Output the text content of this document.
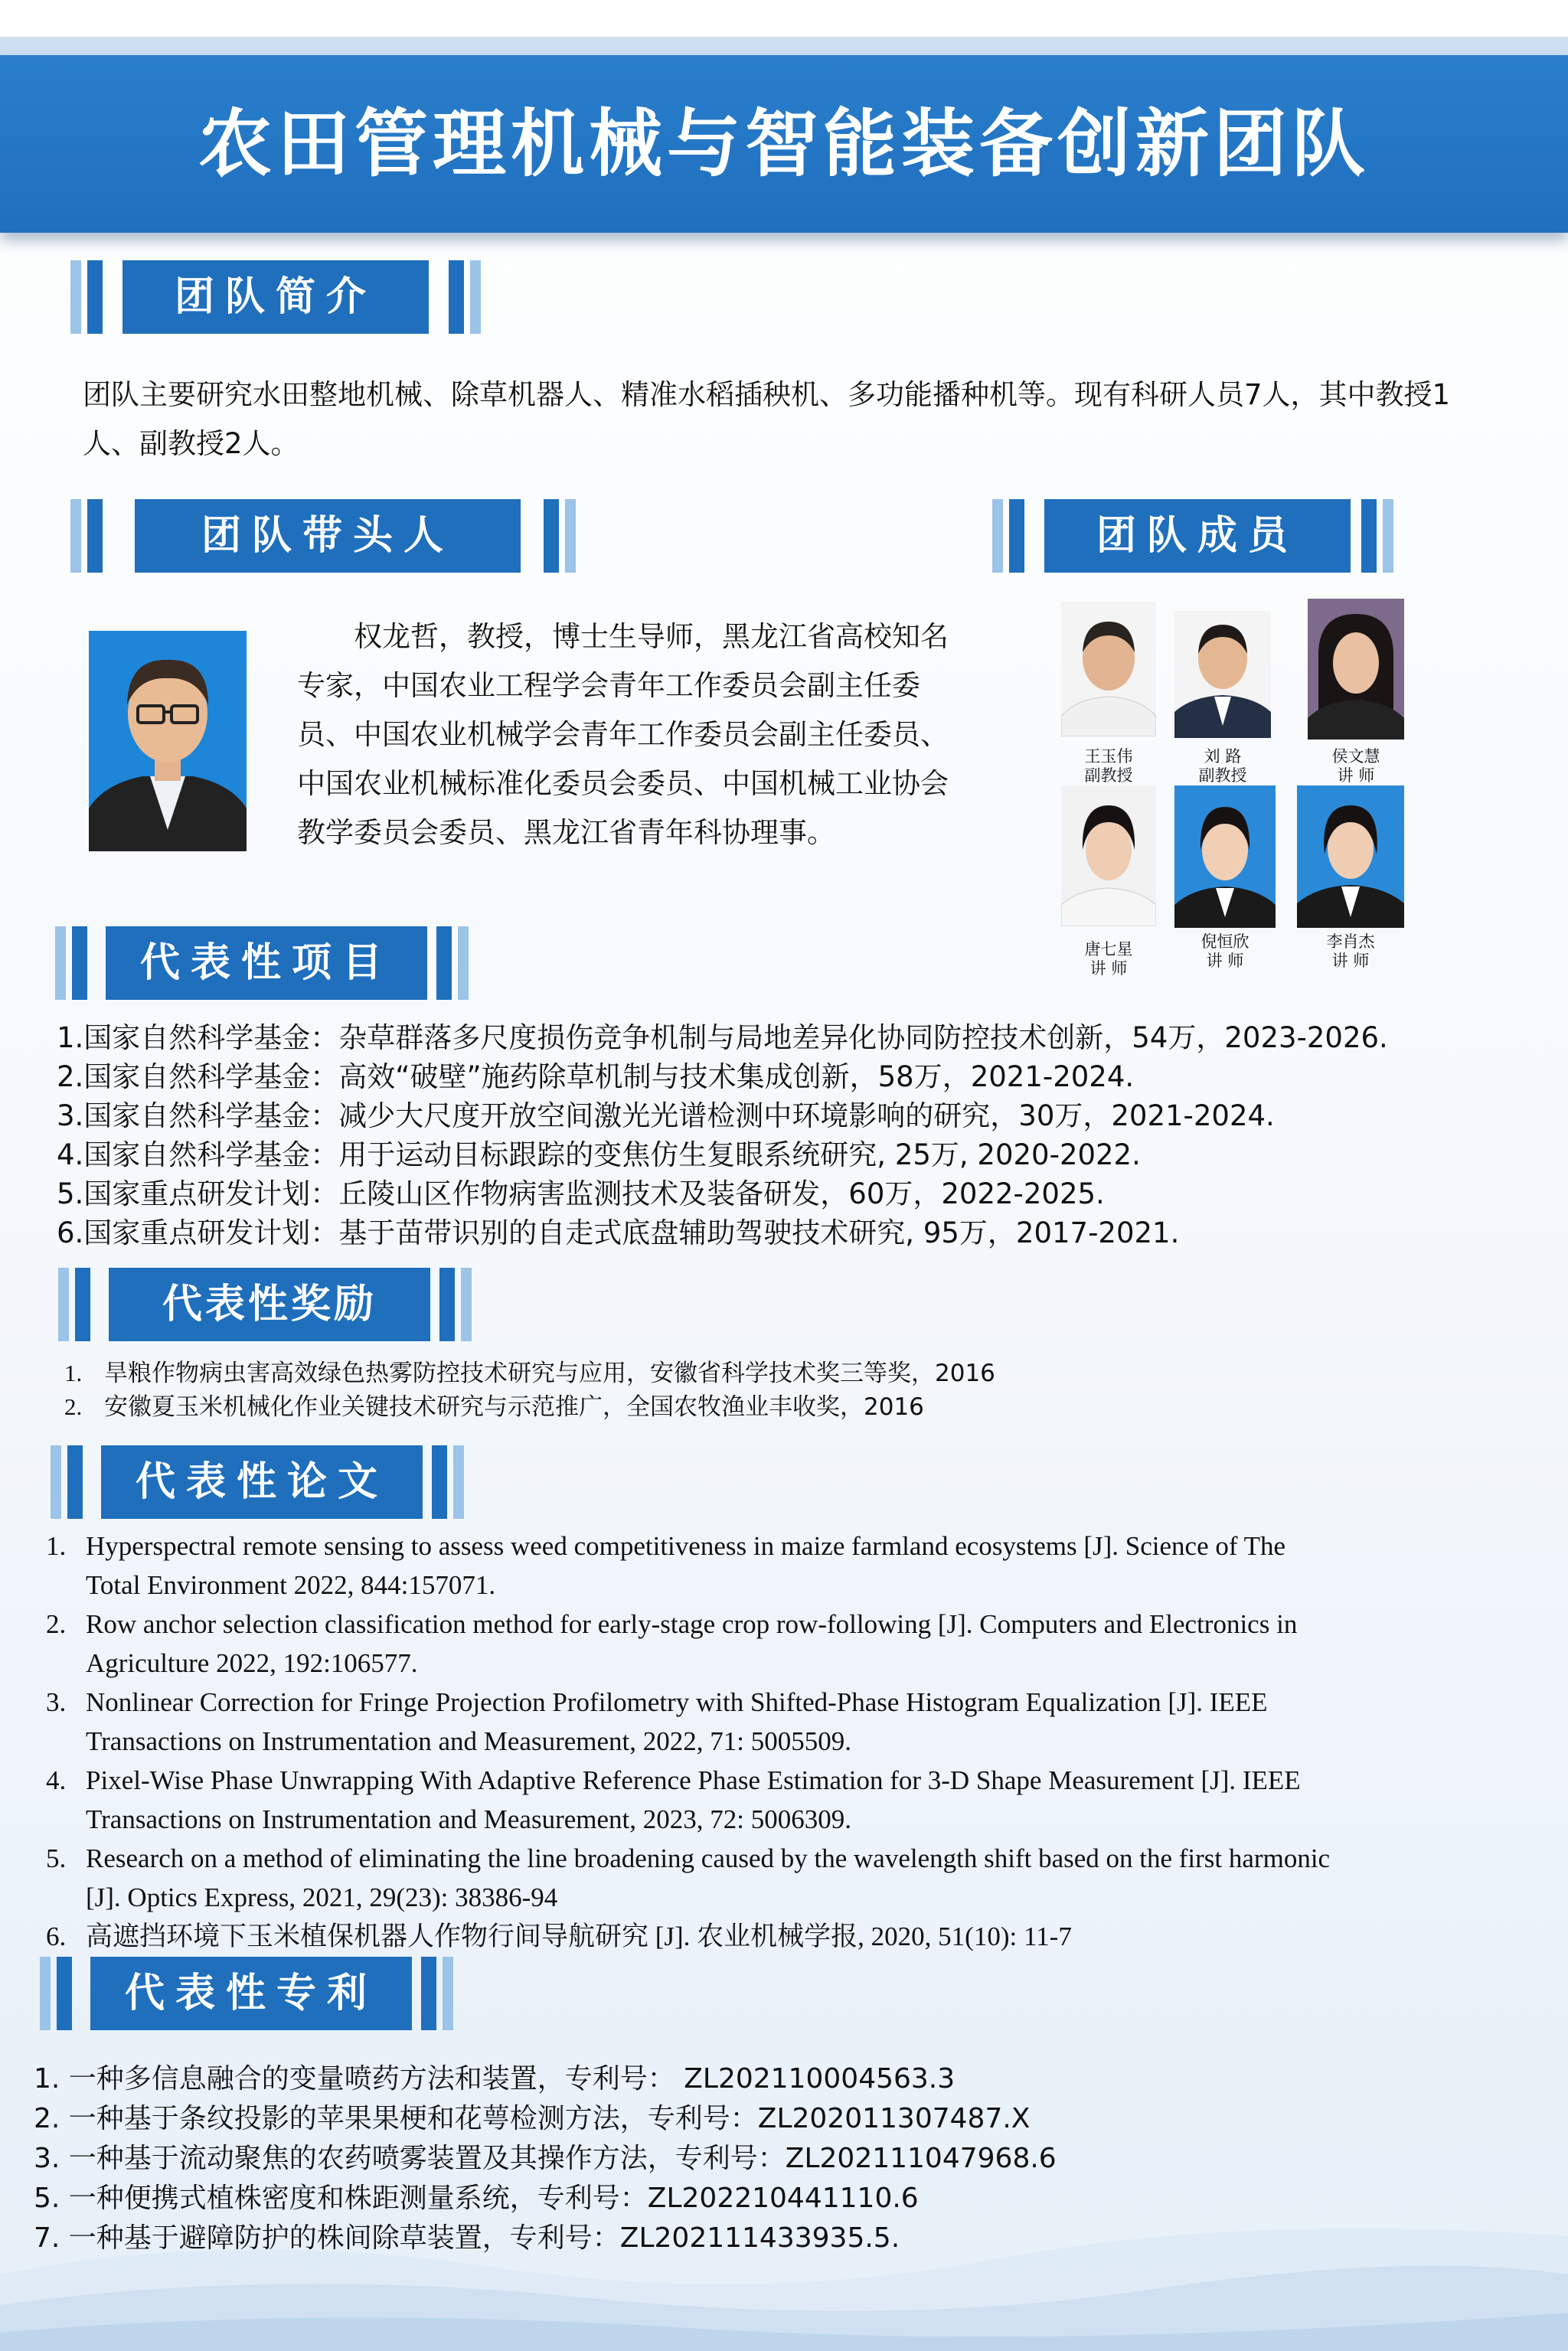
农田管理机械与智能装备创新团队
团队简介
团队主要研究水田整地机械、除草机器人、精准水稻插秧机、多功能播种机等。现有科研人员7人，其中教授1人、副教授2人。
团队带头人	团队成员
权龙哲，教授，博士生导师，黑龙江省高校知名专家，中国农业工程学会青年工作委员会副主任委员、中国农业机械学会青年工作委员会副主任委员、中国农业机械标准化委员会委员、中国机械工业协会教学委员会委员、黑龙江省青年科协理事。
王玉伟
副教授
刘 路
副教授
侯文慧
讲 师
唐七星
讲 师
倪恒欣
讲 师
李肖杰
讲 师
代表性项目
1.国家自然科学基金：杂草群落多尺度损伤竞争机制与局地差异化协同防控技术创新，54万，2023-2026.
2.国家自然科学基金：高效“破壁”施药除草机制与技术集成创新，58万，2021-2024.
3.国家自然科学基金：减少大尺度开放空间激光光谱检测中环境影响的研究，30万，2021-2024.
4.国家自然科学基金：用于运动目标跟踪的变焦仿生复眼系统研究, 25万, 2020-2022.
5.国家重点研发计划：丘陵山区作物病害监测技术及装备研发，60万，2022-2025.
6.国家重点研发计划：基于苗带识别的自走式底盘辅助驾驶技术研究, 95万，2017-2021.
代表性奖励
1. 旱粮作物病虫害高效绿色热雾防控技术研究与应用，安徽省科学技术奖三等奖，2016
2. 安徽夏玉米机械化作业关键技术研究与示范推广，全国农牧渔业丰收奖，2016
代表性论文
1. Hyperspectral remote sensing to assess weed competitiveness in maize farmland ecosystems [J]. Science of The
Total Environment 2022, 844:157071.
2. Row anchor selection classification method for early-stage crop row-following [J]. Computers and Electronics in
Agriculture 2022, 192:106577.
3. Nonlinear Correction for Fringe Projection Profilometry with Shifted-Phase Histogram Equalization [J]. IEEE
Transactions on Instrumentation and Measurement, 2022, 71: 5005509.
4. Pixel-Wise Phase Unwrapping With Adaptive Reference Phase Estimation for 3-D Shape Measurement [J]. IEEE
Transactions on Instrumentation and Measurement, 2023, 72: 5006309.
5. Research on a method of eliminating the line broadening caused by the wavelength shift based on the first harmonic
[J]. Optics Express, 2021, 29(23): 38386-94
6. 高遮挡环境下玉米植保机器人作物行间导航研究 [J]. 农业机械学报, 2020, 51(10): 11-7
代表性专利
1. 一种多信息融合的变量喷药方法和装置，专利号： ZL202110004563.3
2. 一种基于条纹投影的苹果果梗和花萼检测方法，专利号：ZL202011307487.X
3. 一种基于流动聚焦的农药喷雾装置及其操作方法，专利号：ZL202111047968.6
5. 一种便携式植株密度和株距测量系统，专利号：ZL202210441110.6
7. 一种基于避障防护的株间除草装置，专利号：ZL202111433935.5.
